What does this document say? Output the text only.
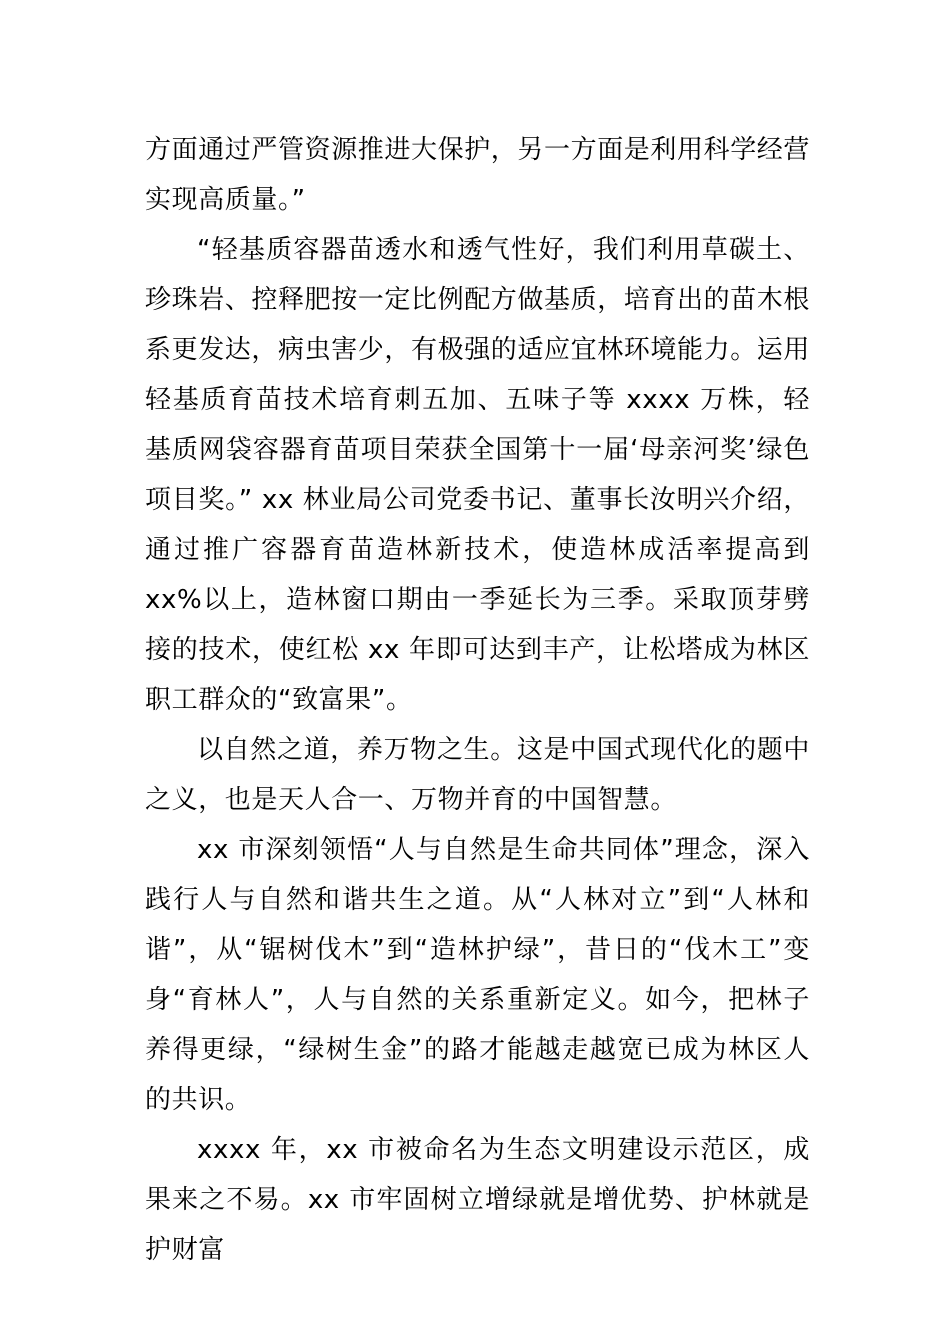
方面通过严管资源推进大保护，另一方面是利用科学经营实现高质量。”

“轻基质容器苗透水和透气性好，我们利用草碳土、珍珠岩、控释肥按一定比例配方做基质，培育出的苗木根系更发达，病虫害少，有极强的适应宜林环境能力。运用轻基质育苗技术培育刺五加、五味子等 xxxx 万株，轻基质网袋容器育苗项目荣获全国第十一届‘母亲河奖’绿色项目奖。” xx 林业局公司党委书记、董事长汝明兴介绍，通过推广容器育苗造林新技术，使造林成活率提高到 xx%以上，造林窗口期由一季延长为三季。采取顶芽劈接的技术，使红松 xx 年即可达到丰产，让松塔成为林区职工群众的“致富果”。

以自然之道，养万物之生。这是中国式现代化的题中之义，也是天人合一、万物并育的中国智慧。

xx 市深刻领悟“人与自然是生命共同体”理念，深入践行人与自然和谐共生之道。从“人林对立”到“人林和谐”，从“锯树伐木”到“造林护绿”，昔日的“伐木工”变身“育林人”，人与自然的关系重新定义。如今，把林子养得更绿，“绿树生金”的路才能越走越宽已成为林区人的共识。

xxxx 年，xx 市被命名为生态文明建设示范区，成果来之不易。xx 市牢固树立增绿就是增优势、护林就是护财富
